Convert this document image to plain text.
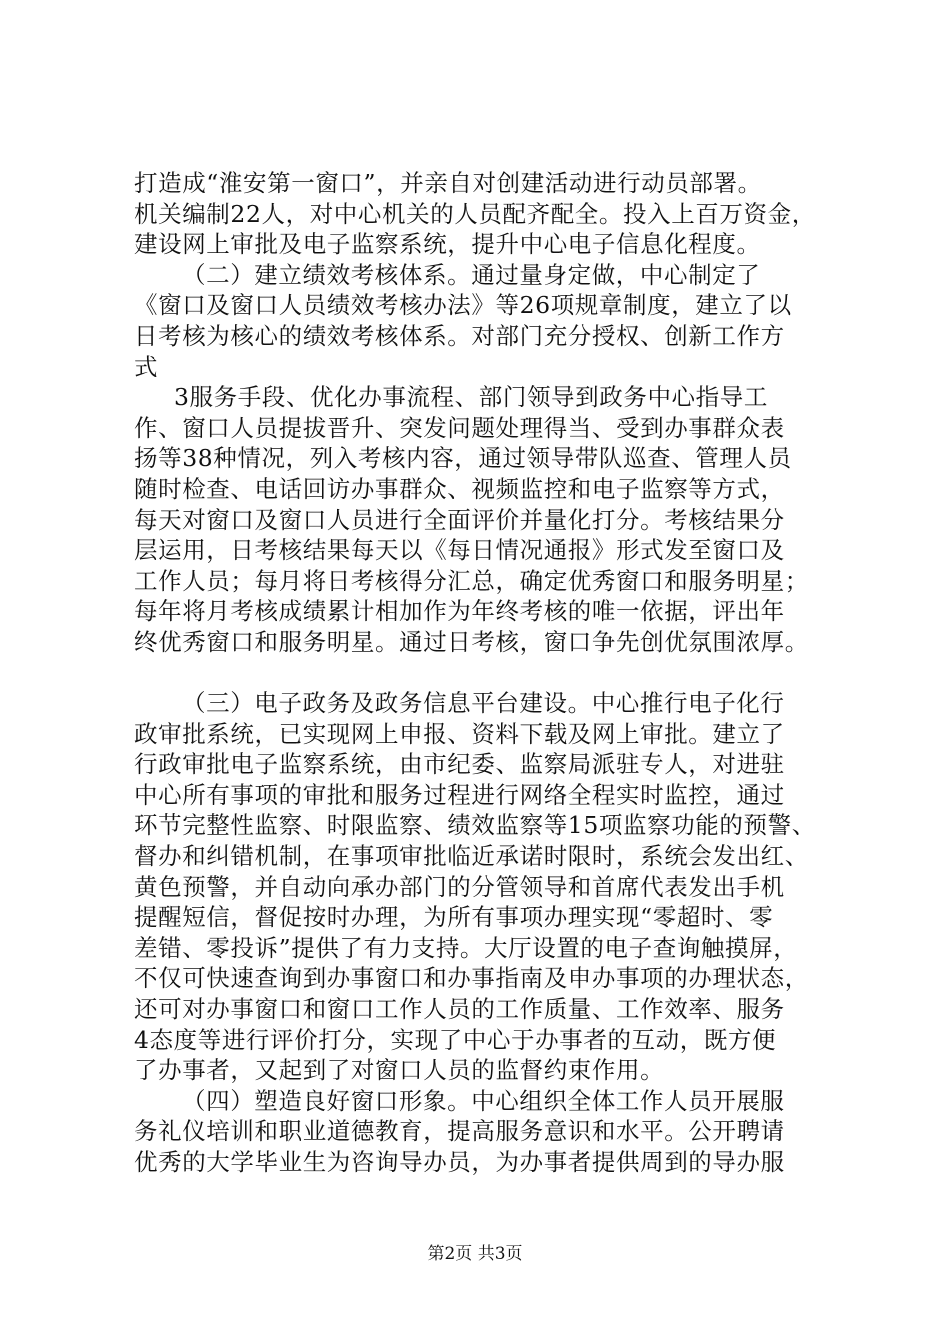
打造成“淮安第一窗口”，并亲自对创建活动进行动员部署。
机关编制22人，对中心机关的人员配齐配全。投入上百万资金，
建设网上审批及电子监察系统，提升中心电子信息化程度。
（二）建立绩效考核体系。通过量身定做，中心制定了
《窗口及窗口人员绩效考核办法》等26项规章制度，建立了以
日考核为核心的绩效考核体系。对部门充分授权、创新工作方
式
3服务手段、优化办事流程、部门领导到政务中心指导工
作、窗口人员提拔晋升、突发问题处理得当、受到办事群众表
扬等38种情况，列入考核内容，通过领导带队巡查、管理人员
随时检查、电话回访办事群众、视频监控和电子监察等方式，
每天对窗口及窗口人员进行全面评价并量化打分。考核结果分
层运用，日考核结果每天以《每日情况通报》形式发至窗口及
工作人员；每月将日考核得分汇总，确定优秀窗口和服务明星；
每年将月考核成绩累计相加作为年终考核的唯一依据，评出年
终优秀窗口和服务明星。通过日考核，窗口争先创优氛围浓厚。
（三）电子政务及政务信息平台建设。中心推行电子化行
政审批系统，已实现网上申报、资料下载及网上审批。建立了
行政审批电子监察系统，由市纪委、监察局派驻专人，对进驻
中心所有事项的审批和服务过程进行网络全程实时监控，通过
环节完整性监察、时限监察、绩效监察等15项监察功能的预警、
督办和纠错机制，在事项审批临近承诺时限时，系统会发出红、
黄色预警，并自动向承办部门的分管领导和首席代表发出手机
提醒短信，督促按时办理，为所有事项办理实现“零超时、零
差错、零投诉”提供了有力支持。大厅设置的电子查询触摸屏，
不仅可快速查询到办事窗口和办事指南及申办事项的办理状态，
还可对办事窗口和窗口工作人员的工作质量、工作效率、服务
4态度等进行评价打分，实现了中心于办事者的互动，既方便
了办事者，又起到了对窗口人员的监督约束作用。
（四）塑造良好窗口形象。中心组织全体工作人员开展服
务礼仪培训和职业道德教育，提高服务意识和水平。公开聘请
优秀的大学毕业生为咨询导办员，为办事者提供周到的导办服
第2页 共3页
